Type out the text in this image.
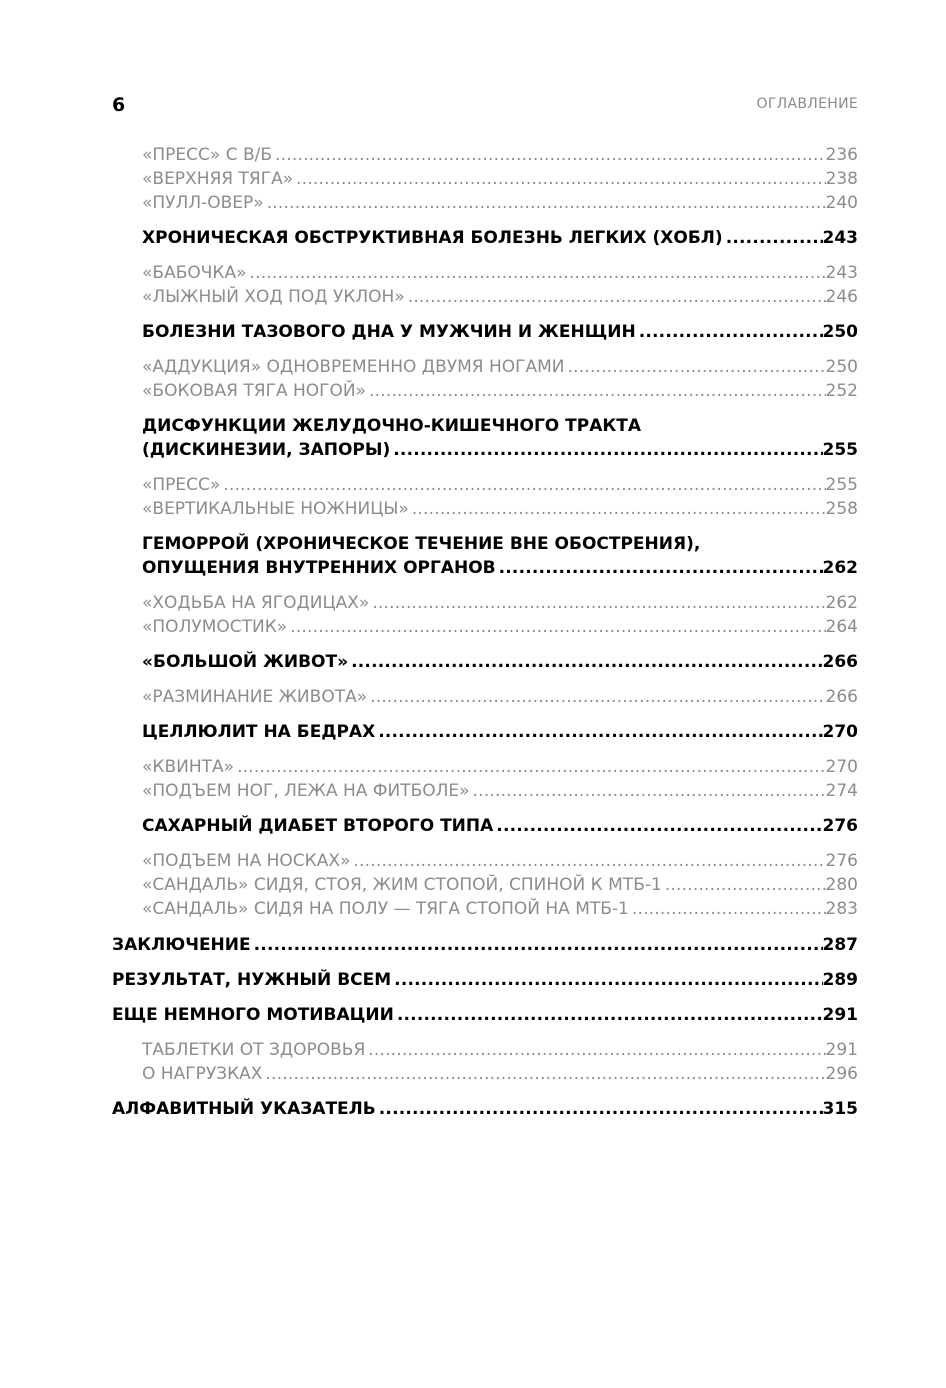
6	ОГЛАВЛЕНИЕ
«ПРЕСС» С В/Б .....	236
«ВЕРХНЯЯ ТЯГА» .....	238
«ПУЛЛ-ОВЕР» .....	240
ХРОНИЧЕСКАЯ ОБСТРУКТИВНАЯ БОЛЕЗНЬ ЛЕГКИХ (ХОБЛ) .....	243
«БАБОЧКА» .....	243
«ЛЫЖНЫЙ ХОД ПОД УКЛОН» .....	246
БОЛЕЗНИ ТАЗОВОГО ДНА У МУЖЧИН И ЖЕНЩИН .....	250
«АДДУКЦИЯ» ОДНОВРЕМЕННО ДВУМЯ НОГАМИ .....	250
«БОКОВАЯ ТЯГА НОГОЙ» .....	252
ДИСФУНКЦИИ ЖЕЛУДОЧНО-КИШЕЧНОГО ТРАКТА
(ДИСКИНЕЗИИ, ЗАПОРЫ) .....	255
«ПРЕСС» .....	255
«ВЕРТИКАЛЬНЫЕ НОЖНИЦЫ» .....	258
ГЕМОРРОЙ (ХРОНИЧЕСКОЕ ТЕЧЕНИЕ ВНЕ ОБОСТРЕНИЯ),
ОПУЩЕНИЯ ВНУТРЕННИХ ОРГАНОВ .....	262
«ХОДЬБА НА ЯГОДИЦАХ» .....	262
«ПОЛУМОСТИК» .....	264
«БОЛЬШОЙ ЖИВОТ» .....	266
«РАЗМИНАНИЕ ЖИВОТА» .....	266
ЦЕЛЛЮЛИТ НА БЕДРАХ .....	270
«КВИНТА» .....	270
«ПОДЪЕМ НОГ, ЛЕЖА НА ФИТБОЛЕ» .....	274
САХАРНЫЙ ДИАБЕТ ВТОРОГО ТИПА .....	276
«ПОДЪЕМ НА НОСКАХ» .....	276
«САНДАЛЬ» СИДЯ, СТОЯ, ЖИМ СТОПОЙ, СПИНОЙ К МТБ-1 .....	280
«САНДАЛЬ» СИДЯ НА ПОЛУ — ТЯГА СТОПОЙ НА МТБ-1 .....	283
ЗАКЛЮЧЕНИЕ .....	287
РЕЗУЛЬТАТ, НУЖНЫЙ ВСЕМ .....	289
ЕЩЕ НЕМНОГО МОТИВАЦИИ .....	291
ТАБЛЕТКИ ОТ ЗДОРОВЬЯ .....	291
О НАГРУЗКАХ .....	296
АЛФАВИТНЫЙ УКАЗАТЕЛЬ .....	315
